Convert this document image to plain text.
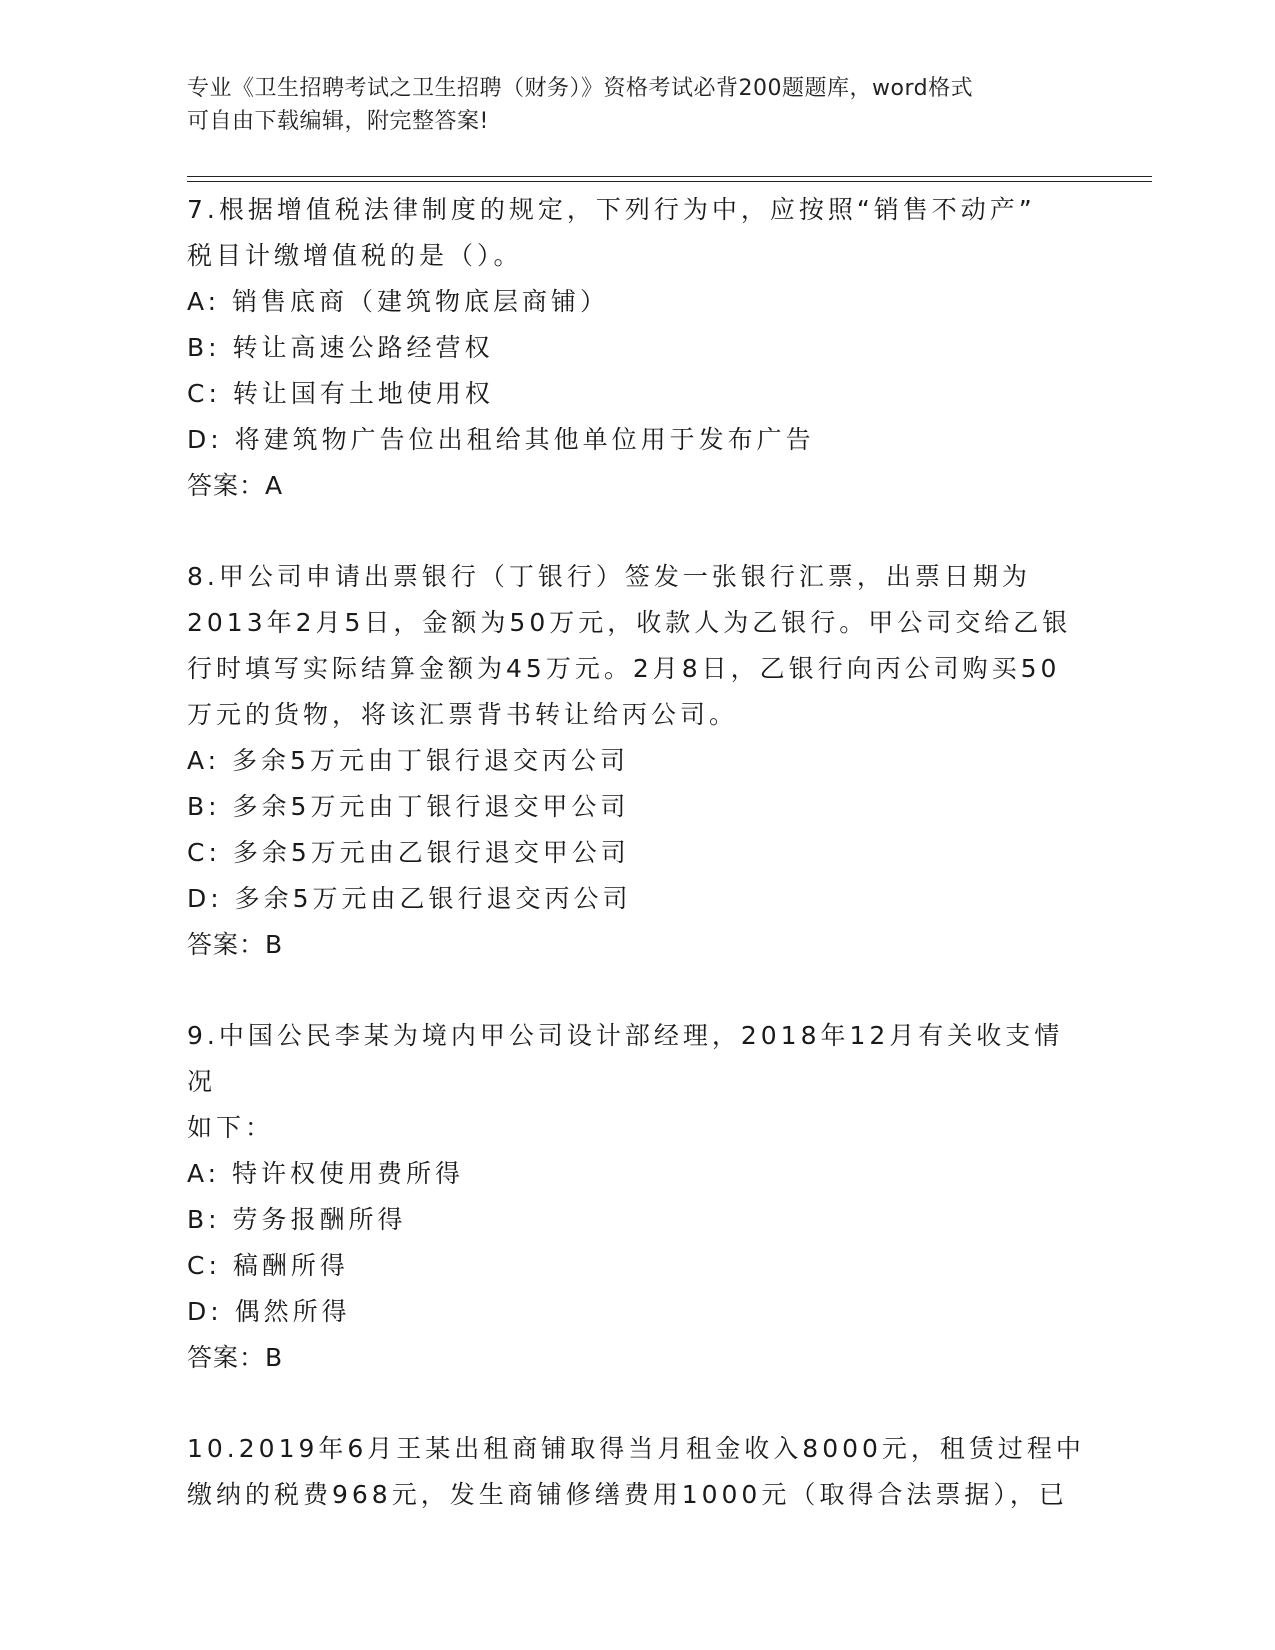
专业《卫生招聘考试之卫生招聘（财务）》资格考试必背200题题库，word格式
可自由下载编辑，附完整答案!

7.根据增值税法律制度的规定，下列行为中，应按照“销售不动产”

税目计缴增值税的是（）。

A: 销售底商（建筑物底层商铺）

B: 转让高速公路经营权

C: 转让国有土地使用权

D: 将建筑物广告位出租给其他单位用于发布广告

答案：A

8.甲公司申请出票银行（丁银行）签发一张银行汇票，出票日期为

2013年2月5日，金额为50万元，收款人为乙银行。甲公司交给乙银

行时填写实际结算金额为45万元。2月8日，乙银行向丙公司购买50

万元的货物，将该汇票背书转让给丙公司。

A: 多余5万元由丁银行退交丙公司

B: 多余5万元由丁银行退交甲公司

C: 多余5万元由乙银行退交甲公司

D: 多余5万元由乙银行退交丙公司

答案：B

9.中国公民李某为境内甲公司设计部经理，2018年12月有关收支情况

如下：

A: 特许权使用费所得

B: 劳务报酬所得

C: 稿酬所得

D: 偶然所得

答案：B

10.2019年6月王某出租商铺取得当月租金收入8000元，租赁过程中

缴纳的税费968元，发生商铺修缮费用1000元（取得合法票据），已
